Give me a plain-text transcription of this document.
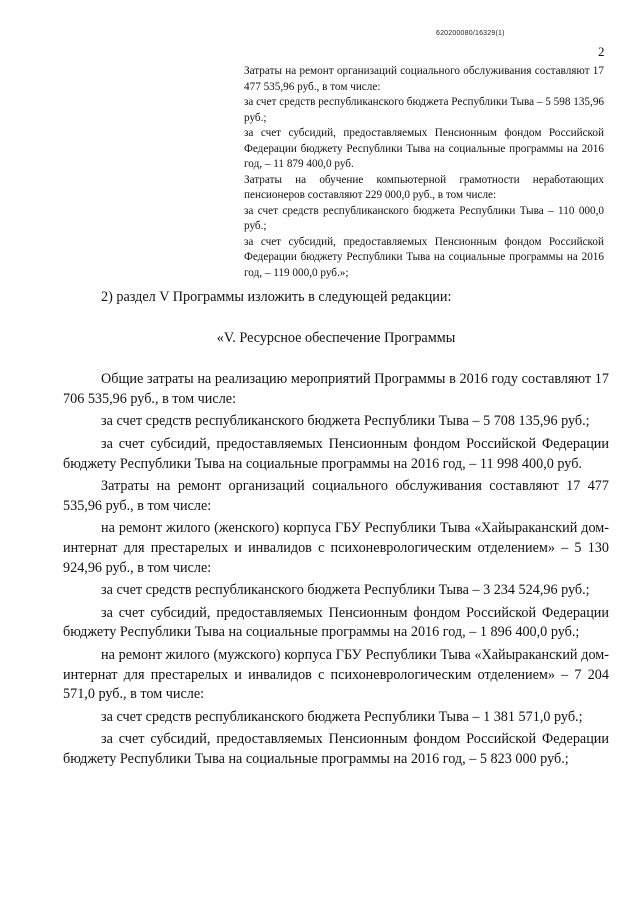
620200080/16329(1)
2

Затраты на ремонт организаций социального обслуживания составляют 17 477 535,96 руб., в том числе:

за счет средств республиканского бюджета Республики Тыва – 5 598 135,96 руб.;

за счет субсидий, предоставляемых Пенсионным фондом Российской Федерации бюджету Республики Тыва на социальные программы на 2016 год, – 11 879 400,0 руб.

Затраты на обучение компьютерной грамотности неработающих пенсионеров составляют 229 000,0 руб., в том числе:

за счет средств республиканского бюджета Республики Тыва – 110 000,0 руб.;

за счет субсидий, предоставляемых Пенсионным фондом Российской Федерации бюджету Республики Тыва на социальные программы на 2016 год, – 119 000,0 руб.»;

2) раздел V Программы изложить в следующей редакции:

«V. Ресурсное обеспечение Программы

Общие затраты на реализацию мероприятий Программы в 2016 году составляют 17 706 535,96 руб., в том числе:

за счет средств республиканского бюджета Республики Тыва – 5 708 135,96 руб.;

за счет субсидий, предоставляемых Пенсионным фондом Российской Федерации бюджету Республики Тыва на социальные программы на 2016 год, – 11 998 400,0 руб.

Затраты на ремонт организаций социального обслуживания составляют 17 477 535,96 руб., в том числе:

на ремонт жилого (женского) корпуса ГБУ Республики Тыва «Хайыраканский дом-интернат для престарелых и инвалидов с психоневрологическим отделением» – 5 130 924,96 руб., в том числе:

за счет средств республиканского бюджета Республики Тыва – 3 234 524,96 руб.;

за счет субсидий, предоставляемых Пенсионным фондом Российской Федерации бюджету Республики Тыва на социальные программы на 2016 год, – 1 896 400,0 руб.;

на ремонт жилого (мужского) корпуса ГБУ Республики Тыва «Хайыраканский дом-интернат для престарелых и инвалидов с психоневрологическим отделением» – 7 204 571,0 руб., в том числе:

за счет средств республиканского бюджета Республики Тыва – 1 381 571,0 руб.;

за счет субсидий, предоставляемых Пенсионным фондом Российской Федерации бюджету Республики Тыва на социальные программы на 2016 год, – 5 823 000 руб.;
